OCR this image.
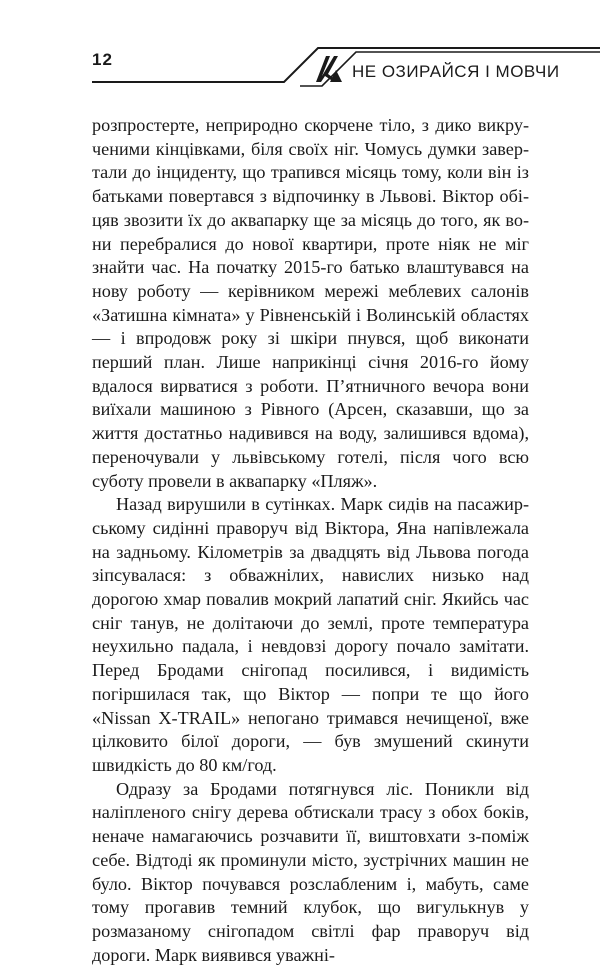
12
НЕ ОЗИРАЙСЯ І МОВЧИ

розпростерте, неприродно скорчене тіло, з дико викрученими кінцівками, біля своїх ніг. Чомусь думки завертали до інциденту, що трапився місяць тому, коли він із батьками повертався з відпочинку в Львові. Віктор обіцяв звозити їх до аквапарку ще за місяць до того, як вони перебралися до нової квартири, проте ніяк не міг знайти час. На початку 2015-го батько влаштувався на нову роботу — керівником мережі меблевих салонів «Затишна кімната» у Рівненській і Волинській областях — і впродовж року зі шкіри пнувся, щоб виконати перший план. Лише наприкінці січня 2016-го йому вдалося вирватися з роботи. П’ятничного вечора вони виїхали машиною з Рівного (Арсен, сказавши, що за життя достатньо надивився на воду, залишився вдома), переночували у львівському готелі, після чого всю суботу провели в аквапарку «Пляж».

Назад вирушили в сутінках. Марк сидів на пасажирському сидінні праворуч від Віктора, Яна напівлежала на задньому. Кілометрів за двадцять від Львова погода зіпсувалася: з обважнілих, навислих низько над дорогою хмар повалив мокрий лапатий сніг. Якийсь час сніг танув, не долітаючи до землі, проте температура неухильно падала, і невдовзі дорогу почало замітати. Перед Бродами снігопад посилився, і видимість погіршилася так, що Віктор — попри те що його «Nissan X-TRAIL» непогано тримався нечищеної, вже цілковито білої дороги, — був змушений скинути швидкість до 80 км/год.

Одразу за Бродами потягнувся ліс. Поникли від наліпленого снігу дерева обтискали трасу з обох боків, неначе намагаючись розчавити її, виштовхати з-поміж себе. Відтоді як проминули місто, зустрічних машин не було. Віктор почувався розслабленим і, мабуть, саме тому прогавив темний клубок, що вигулькнув у розмазаному снігопадом світлі фар праворуч від дороги. Марк виявився уважні-
